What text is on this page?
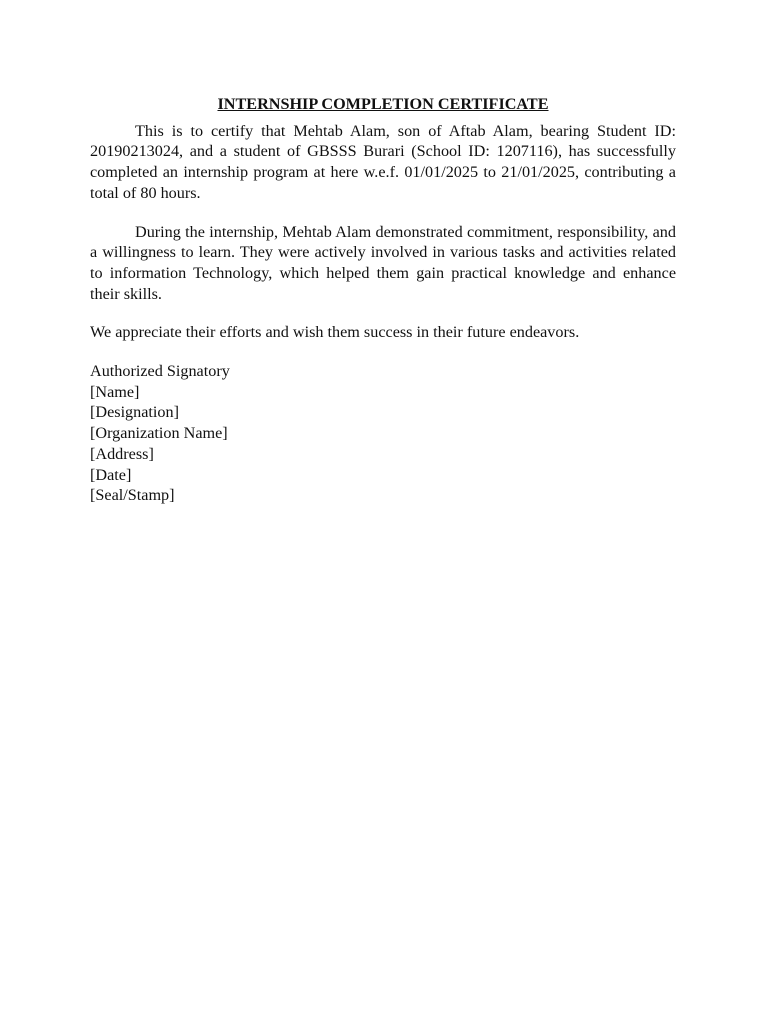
INTERNSHIP COMPLETION CERTIFICATE

This is to certify that Mehtab Alam, son of Aftab Alam, bearing Student ID: 20190213024, and a student of GBSSS Burari (School ID: 1207116), has successfully completed an internship program at here w.e.f. 01/01/2025 to 21/01/2025, contributing a total of 80 hours.

During the internship, Mehtab Alam demonstrated commitment, responsibility, and a willingness to learn. They were actively involved in various tasks and activities related to information Technology, which helped them gain practical knowledge and enhance their skills.

We appreciate their efforts and wish them success in their future endeavors.

Authorized Signatory
[Name]
[Designation]
[Organization Name]
[Address]
[Date]
[Seal/Stamp]
